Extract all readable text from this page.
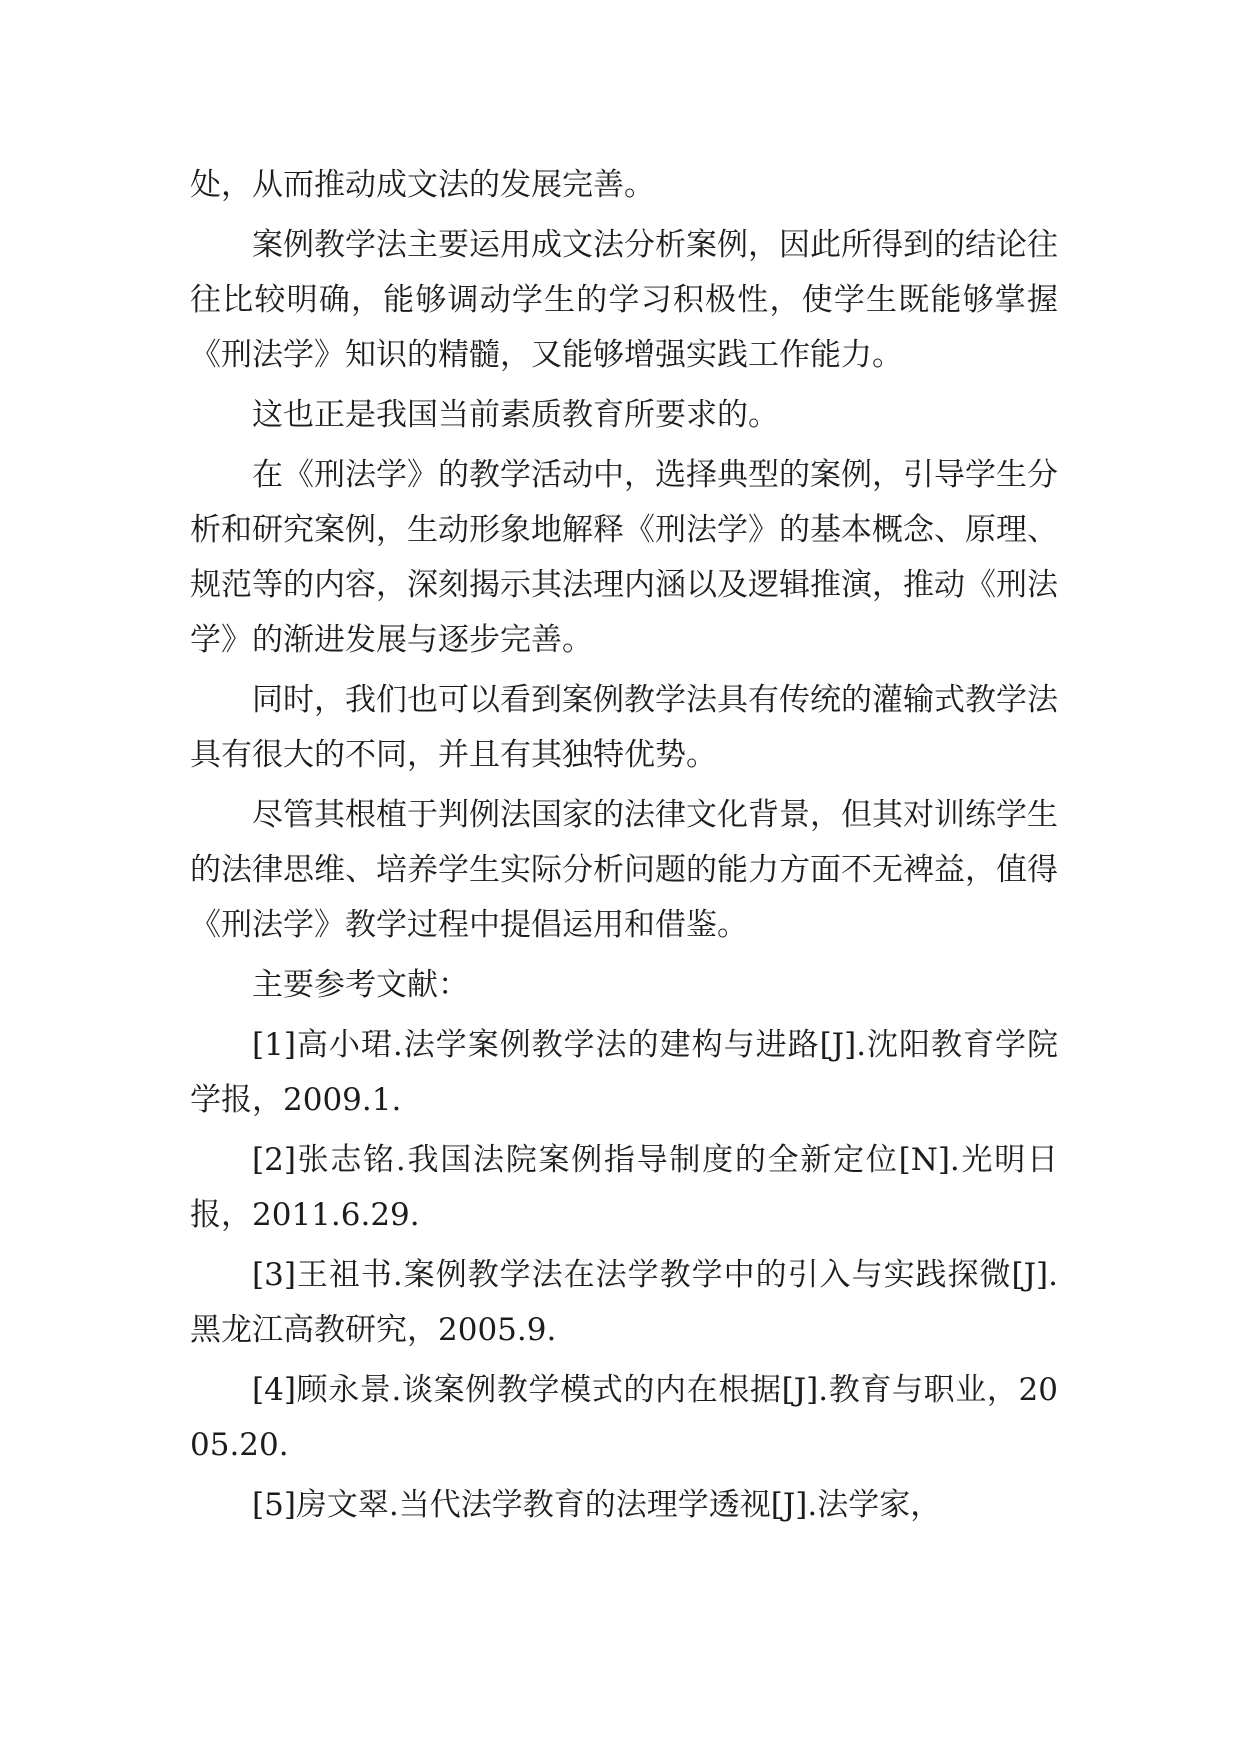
处，从而推动成文法的发展完善。

案例教学法主要运用成文法分析案例，因此所得到的结论往往比较明确，能够调动学生的学习积极性，使学生既能够掌握《刑法学》知识的精髓，又能够增强实践工作能力。

这也正是我国当前素质教育所要求的。

在《刑法学》的教学活动中，选择典型的案例，引导学生分析和研究案例，生动形象地解释《刑法学》的基本概念、原理、规范等的内容，深刻揭示其法理内涵以及逻辑推演，推动《刑法学》的渐进发展与逐步完善。

同时，我们也可以看到案例教学法具有传统的灌输式教学法具有很大的不同，并且有其独特优势。

尽管其根植于判例法国家的法律文化背景，但其对训练学生的法律思维、培养学生实际分析问题的能力方面不无裨益，值得《刑法学》教学过程中提倡运用和借鉴。

主要参考文献：

[1]高小珺.法学案例教学法的建构与进路[J].沈阳教育学院学报，2009.1.

[2]张志铭.我国法院案例指导制度的全新定位[N].光明日报，2011.6.29.

[3]王祖书.案例教学法在法学教学中的引入与实践探微[J].黑龙江高教研究，2005.9.

[4]顾永景.谈案例教学模式的内在根据[J].教育与职业，2005.20.

[5]房文翠.当代法学教育的法理学透视[J].法学家，
